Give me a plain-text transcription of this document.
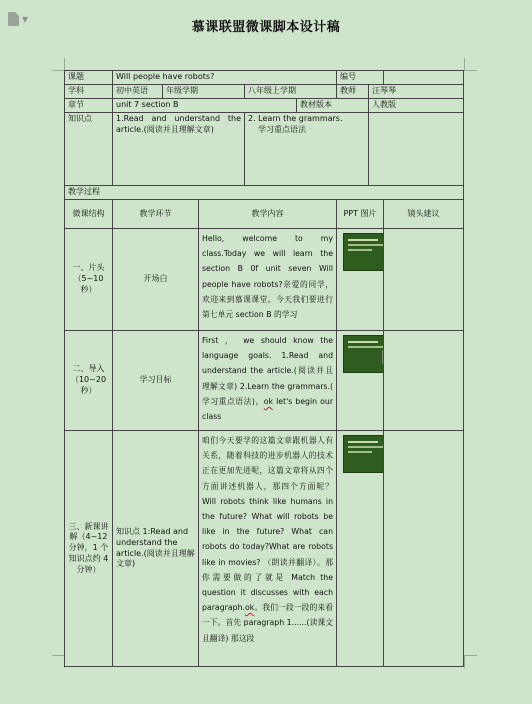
▼
慕课联盟微课脚本设计稿
课题	Will people have robots?					编号		
学科	初中英语	年级学期		八年级上学期		教师	汪琴琴	
章节	unit 7 section B				教材版本		人教版	
知识点	1.Read and understand the article.(阅读并且理解文章)			2. Learn the grammars.
学习重点语法				

教学过程								
微课结构	教学环节		教学内容			PPT 图片		镜头建议
一、片头（5~10 秒）	开场白		Hello, welcome to my class.Today we will learn the section B 0f unit seven Will people have robots?亲爱的同学，欢迎来到慕课课堂。今天我们要进行第七单元 section B 的学习				

二、导入（10~20 秒）	学习目标		First ， we should know the language goals. 1.Read and understand the article.(阅读并且理解文章) 2.Learn the grammars.( 学习重点语法)，ok let's begin our class				

三、新课讲解（4~12 分钟，1 个知识点约 4 分钟）	知识点 1:Read and understand the article.(阅读并且理解文章)		咱们今天要学的这篇文章跟机器人有关系，随着科技的进步机器人的技术正在更加先进呢，这篇文章将从四个方面讲述机器人，那四个方面呢？ Will robots think like humans in the future? What will robots be like in the future? What can robots do today?What are robots like in movies? （朗读并翻译）。那你需要做的了就是 Match the question it discusses with each paragraph.ok。我们一段一段的来看一下。首先 paragraph 1......(读课文且翻译) 那这段				
